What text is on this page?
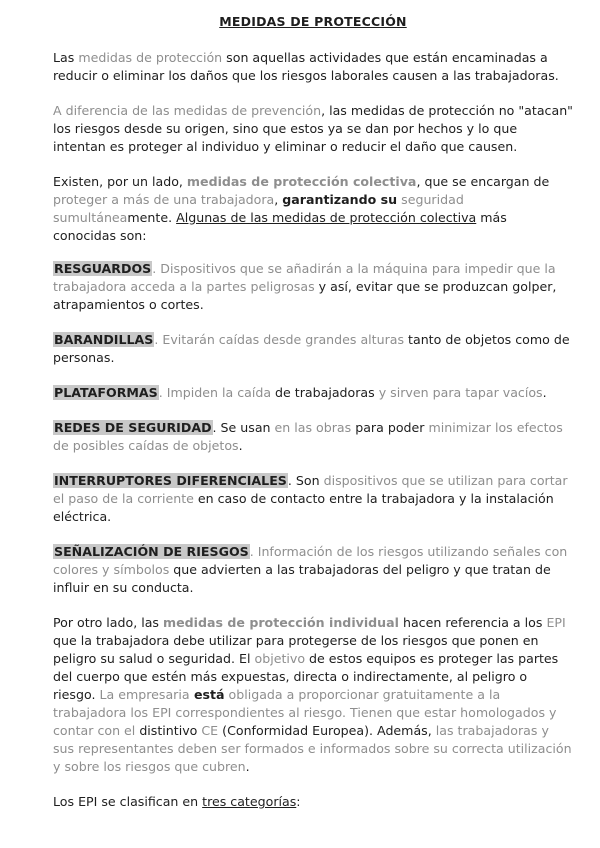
MEDIDAS DE PROTECCIÓN

Las medidas de protección son aquellas actividades que están encaminadas a reducir o eliminar los daños que los riesgos laborales causen a las trabajadoras.

A diferencia de las medidas de prevención, las medidas de protección no "atacan" los riesgos desde su origen, sino que estos ya se dan por hechos y lo que intentan es proteger al individuo y eliminar o reducir el daño que causen.

Existen, por un lado, medidas de protección colectiva, que se encargan de proteger a más de una trabajadora, garantizando su seguridad sumultáneamente. Algunas de las medidas de protección colectiva más conocidas son:

RESGUARDOS. Dispositivos que se añadirán a la máquina para impedir que la trabajadora acceda a la partes peligrosas y así, evitar que se produzcan golper, atrapamientos o cortes.

BARANDILLAS. Evitarán caídas desde grandes alturas tanto de objetos como de personas.

PLATAFORMAS. Impiden la caída de trabajadoras y sirven para tapar vacíos.

REDES DE SEGURIDAD. Se usan en las obras para poder minimizar los efectos de posibles caídas de objetos.

INTERRUPTORES DIFERENCIALES. Son dispositivos que se utilizan para cortar el paso de la corriente en caso de contacto entre la trabajadora y la instalación eléctrica.

SEÑALIZACIÓN DE RIESGOS. Información de los riesgos utilizando señales con colores y símbolos que advierten a las trabajadoras del peligro y que tratan de influir en su conducta.

Por otro lado, las medidas de protección individual hacen referencia a los EPI que la trabajadora debe utilizar para protegerse de los riesgos que ponen en peligro su salud o seguridad. El objetivo de estos equipos es proteger las partes del cuerpo que estén más expuestas, directa o indirectamente, al peligro o riesgo. La empresaria está obligada a proporcionar gratuitamente a la trabajadora los EPI correspondientes al riesgo. Tienen que estar homologados y contar con el distintivo CE (Conformidad Europea). Además, las trabajadoras y sus representantes deben ser formados e informados sobre su correcta utilización y sobre los riesgos que cubren.

Los EPI se clasifican en tres categorías:
